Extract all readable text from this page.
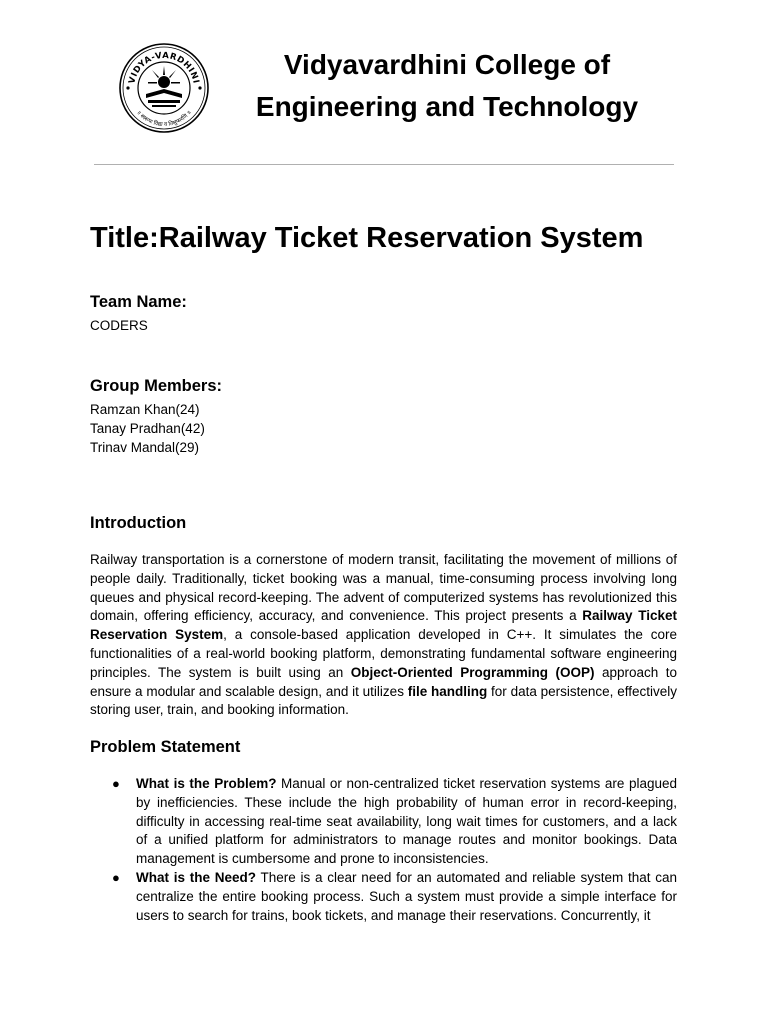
VIDYA-VARDHINI
॥ स्वरूपः विद्या व तिसुप्सरणि ॥
Vidyavardhini College of
Engineering and Technology
Title:Railway Ticket Reservation System
Team Name:
CODERS
Group Members:
Ramzan Khan(24)
Tanay Pradhan(42)
Trinav Mandal(29)
Introduction

Railway transportation is a cornerstone of modern transit, facilitating the movement of millions of people daily. Traditionally, ticket booking was a manual, time-consuming process involving long queues and physical record-keeping. The advent of computerized systems has revolutionized this domain, offering efficiency, accuracy, and convenience. This project presents a Railway Ticket Reservation System, a console-based application developed in C++. It simulates the core functionalities of a real-world booking platform, demonstrating fundamental software engineering principles. The system is built using an Object-Oriented Programming (OOP) approach to ensure a modular and scalable design, and it utilizes file handling for data persistence, effectively storing user, train, and booking information.

Problem Statement
● What is the Problem? Manual or non-centralized ticket reservation systems are plagued by inefficiencies. These include the high probability of human error in record-keeping, difficulty in accessing real-time seat availability, long wait times for customers, and a lack of a unified platform for administrators to manage routes and monitor bookings. Data management is cumbersome and prone to inconsistencies.
● What is the Need? There is a clear need for an automated and reliable system that can centralize the entire booking process. Such a system must provide a simple interface for users to search for trains, book tickets, and manage their reservations. Concurrently, it
